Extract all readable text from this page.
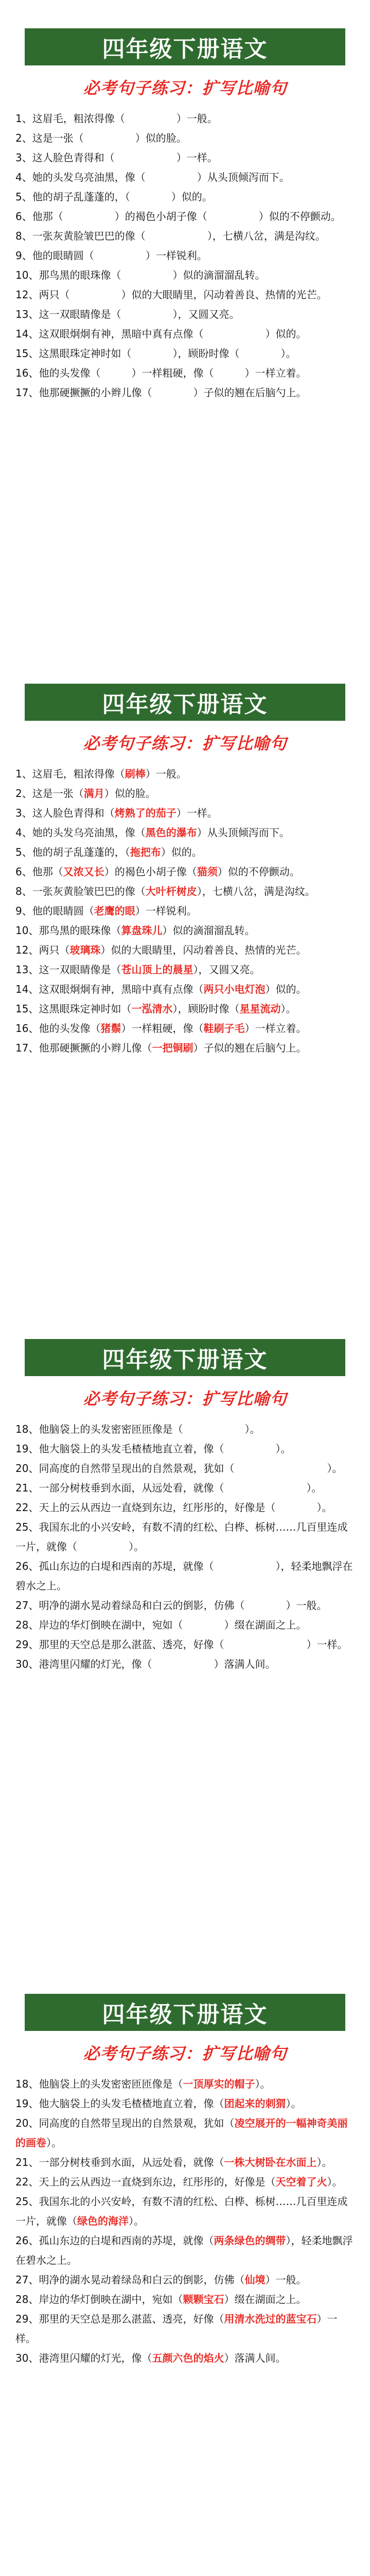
四年级下册语文
必考句子练习：扩写比喻句
1、这眉毛，粗浓得像（　　　　　	）一般。
2、这是一张（　　　　　	）似的脸。
3、这人脸色青得和（　　　　　　	）一样。
4、她的头发乌亮油黑，像（　　　　　	）从头顶倾泻而下。
5、他的胡子乱蓬蓬的，（　　　　	）似的。
6、他那（　　　　　	）的褐色小胡子像（　　　　　	）似的不停颤动。
8、一张灰黄脸皱巴巴的像（　　　　　　	），七横八岔，满是沟纹。
9、他的眼睛圆（　　　　　	）一样锐利。
10、那鸟黑的眼珠像（　　　　　	）似的滴溜溜乱转。
12、两只（　　　　　	）似的大眼睛里，闪动着善良、热情的光芒。
13、这一双眼睛像是（　　　　　	），又圆又亮。
14、这双眼炯炯有神，黑暗中真有点像（　　　　　　	）似的。
15、这黑眼珠定神时如（　　　　	），顾盼时像（　　　　	）。
16、他的头发像（　　　	）一样粗硬，像（　　　	）一样立着。
17、他那硬撅撅的小辫儿像（　　　　	）子似的翘在后脑勺上。
四年级下册语文
必考句子练习：扩写比喻句
1、这眉毛，粗浓得像（刷棒）一般。
2、这是一张（满月）似的脸。
3、这人脸色青得和（烤熟了的茄子）一样。
4、她的头发乌亮油黑，像（黑色的瀑布）从头顶倾泻而下。
5、他的胡子乱蓬蓬的，（拖把布）似的。
6、他那（又浓又长）的褐色小胡子像（猫须）似的不停颤动。
8、一张灰黄脸皱巴巴的像（大叶杆树皮），七横八岔，满是沟纹。
9、他的眼睛圆（老鹰的眼）一样锐利。
10、那鸟黑的眼珠像（算盘珠儿）似的滴溜溜乱转。
12、两只（玻璃珠）似的大眼睛里，闪动着善良、热情的光芒。
13、这一双眼睛像是（苍山顶上的晨星），又圆又亮。
14、这双眼炯炯有神，黑暗中真有点像（两只小电灯泡）似的。
15、这黑眼珠定神时如（一泓清水），顾盼时像（星星流动）。
16、他的头发像（猪鬃）一样粗硬，像（鞋刷子毛）一样立着。
17、他那硬撅撅的小辫儿像（一把铜刷）子似的翘在后脑勺上。
四年级下册语文
必考句子练习：扩写比喻句
18、他脑袋上的头发密密匝匝像是（　　　　　　	）。
19、他大脑袋上的头发毛楂楂地直立着，像（　　　　　	）。
20、同高度的自然带呈现出的自然景观，犹如（　　　　　　　　　	）。
21、一部分树枝垂到水面，从远处看，就像（　　　　　　　　	）。
22、天上的云从西边一直烧到东边，红彤彤的，好像是（　　　　	）。
25、我国东北的小兴安岭，有数不清的红松、白桦、栎树……几百里连成一片，就像（　　　　　	）。
26、孤山东边的白堤和西南的苏堤，就像（　　　　　　	），轻柔地飘浮在碧水之上。
27、明净的湖水晃动着绿岛和白云的倒影，仿佛（　　　　	）一般。
28、岸边的华灯倒映在湖中，宛如（　　　　	）缀在湖面之上。
29、那里的天空总是那么湛蓝、透亮，好像（　　　　　　　　	）一样。
30、港湾里闪耀的灯光，像（　　　　　　	）落满人间。
四年级下册语文
必考句子练习：扩写比喻句
18、他脑袋上的头发密密匝匝像是（一顶厚实的帽子）。
19、他大脑袋上的头发毛楂楂地直立着，像（团起来的刺猬）。
20、同高度的自然带呈现出的自然景观，犹如（凌空展开的一幅神奇美丽的画卷）。
21、一部分树枝垂到水面，从远处看，就像（一株大树卧在水面上）。
22、天上的云从西边一直烧到东边，红彤彤的，好像是（天空着了火）。
25、我国东北的小兴安岭，有数不清的红松、白桦、栎树……几百里连成一片，就像（绿色的海洋）。
26、孤山东边的白堤和西南的苏堤，就像（两条绿色的绸带），轻柔地飘浮在碧水之上。
27、明净的湖水晃动着绿岛和白云的倒影，仿佛（仙境）一般。
28、岸边的华灯倒映在湖中，宛如（颗颗宝石）缀在湖面之上。
29、那里的天空总是那么湛蓝、透亮，好像（用清水洗过的蓝宝石）一样。
30、港湾里闪耀的灯光，像（五颜六色的焰火）落满人间。
